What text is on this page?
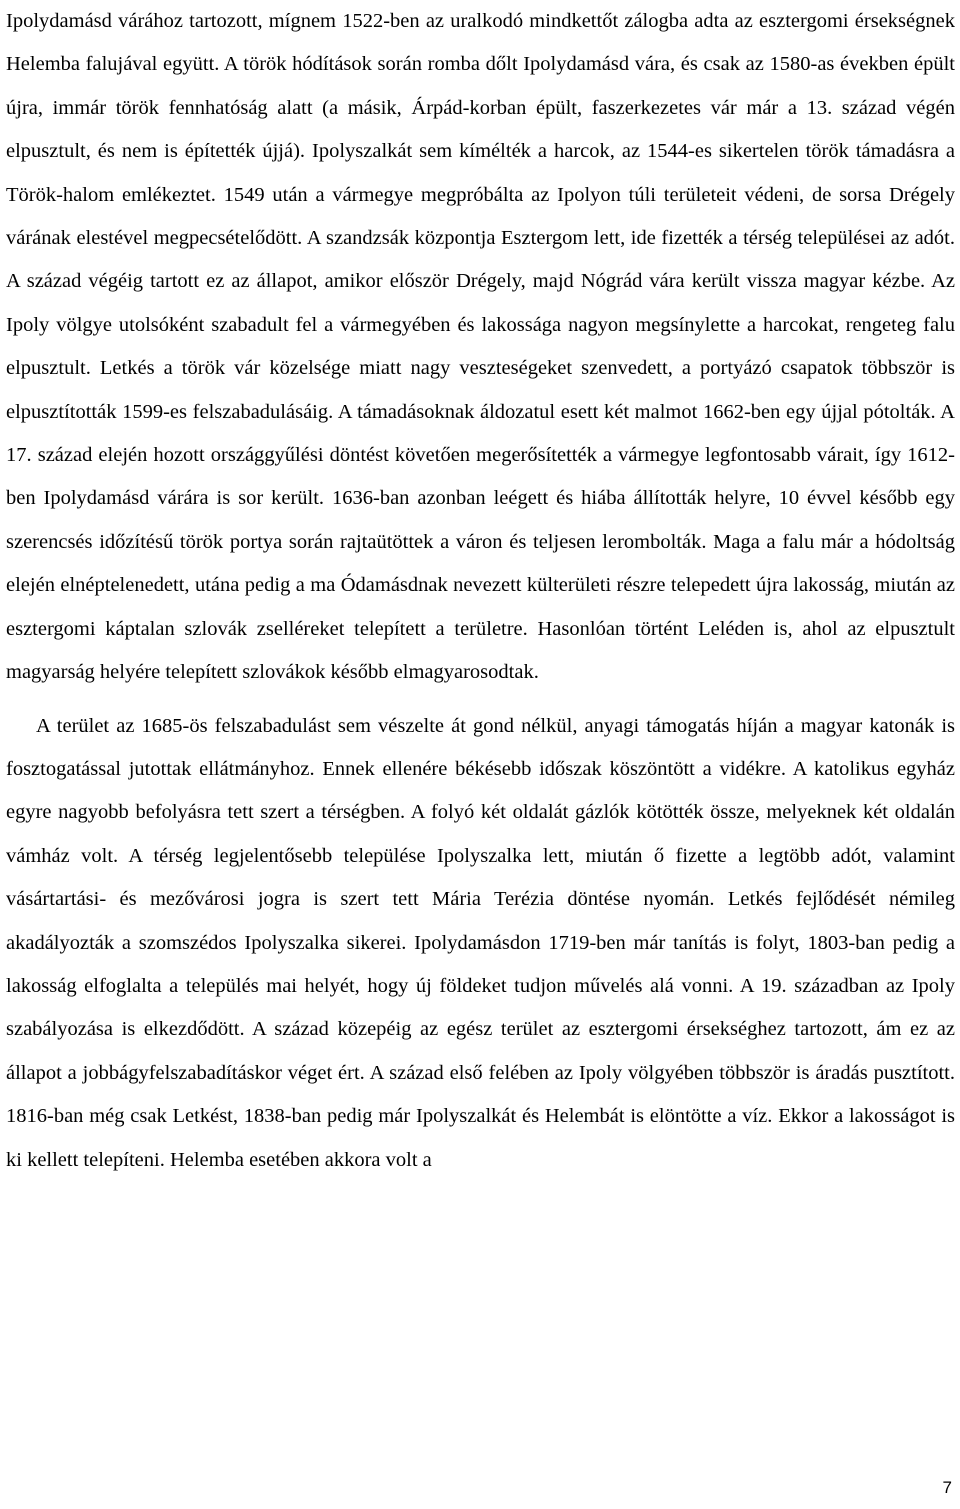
Ipolydamásd várához tartozott, mígnem 1522-ben az uralkodó mindkettőt zálogba adta az esztergomi érsekségnek Helemba falujával együtt. A török hódítások során romba dőlt Ipolydamásd vára, és csak az 1580-as években épült újra, immár török fennhatóság alatt (a másik, Árpád-korban épült, faszerkezetes vár már a 13. század végén elpusztult, és nem is építették újjá). Ipolyszalkát sem kímélték a harcok, az 1544-es sikertelen török támadásra a Török-halom emlékeztet. 1549 után a vármegye megpróbálta az Ipolyon túli területeit védeni, de sorsa Drégely várának elestével megpecsételődött. A szandzsák központja Esztergom lett, ide fizették a térség települései az adót. A század végéig tartott ez az állapot, amikor először Drégely, majd Nógrád vára került vissza magyar kézbe. Az Ipoly völgye utolsóként szabadult fel a vármegyében és lakossága nagyon megsínylette a harcokat, rengeteg falu elpusztult. Letkés a török vár közelsége miatt nagy veszteségeket szenvedett, a portyázó csapatok többször is elpusztították 1599-es felszabadulásáig. A támadásoknak áldozatul esett két malmot 1662-ben egy újjal pótolták. A 17. század elején hozott országgyűlési döntést követően megerősítették a vármegye legfontosabb várait, így 1612-ben Ipolydamásd várára is sor került. 1636-ban azonban leégett és hiába állították helyre, 10 évvel később egy szerencsés időzítésű török portya során rajtaütöttek a váron és teljesen lerombolták. Maga a falu már a hódoltság elején elnéptelenedett, utána pedig a ma Ódamásdnak nevezett külterületi részre telepedett újra lakosság, miután az esztergomi káptalan szlovák zselléreket telepített a területre. Hasonlóan történt Leléden is, ahol az elpusztult magyarság helyére telepített szlovákok később elmagyarosodtak.

A terület az 1685-ös felszabadulást sem vészelte át gond nélkül, anyagi támogatás híján a magyar katonák is fosztogatással jutottak ellátmányhoz. Ennek ellenére békésebb időszak köszöntött a vidékre. A katolikus egyház egyre nagyobb befolyásra tett szert a térségben. A folyó két oldalát gázlók kötötték össze, melyeknek két oldalán vámház volt. A térség legjelentősebb települése Ipolyszalka lett, miután ő fizette a legtöbb adót, valamint vásártartási- és mezővárosi jogra is szert tett Mária Terézia döntése nyomán. Letkés fejlődését némileg akadályozták a szomszédos Ipolyszalka sikerei. Ipolydamásdon 1719-ben már tanítás is folyt, 1803-ban pedig a lakosság elfoglalta a település mai helyét, hogy új földeket tudjon művelés alá vonni. A 19. században az Ipoly szabályozása is elkezdődött. A század közepéig az egész terület az esztergomi érsekséghez tartozott, ám ez az állapot a jobbágyfelszabadításkor véget ért. A század első felében az Ipoly völgyében többször is áradás pusztított. 1816-ban még csak Letkést, 1838-ban pedig már Ipolyszalkát és Helembát is elöntötte a víz. Ekkor a lakosságot is ki kellett telepíteni. Helemba esetében akkora volt a

7
